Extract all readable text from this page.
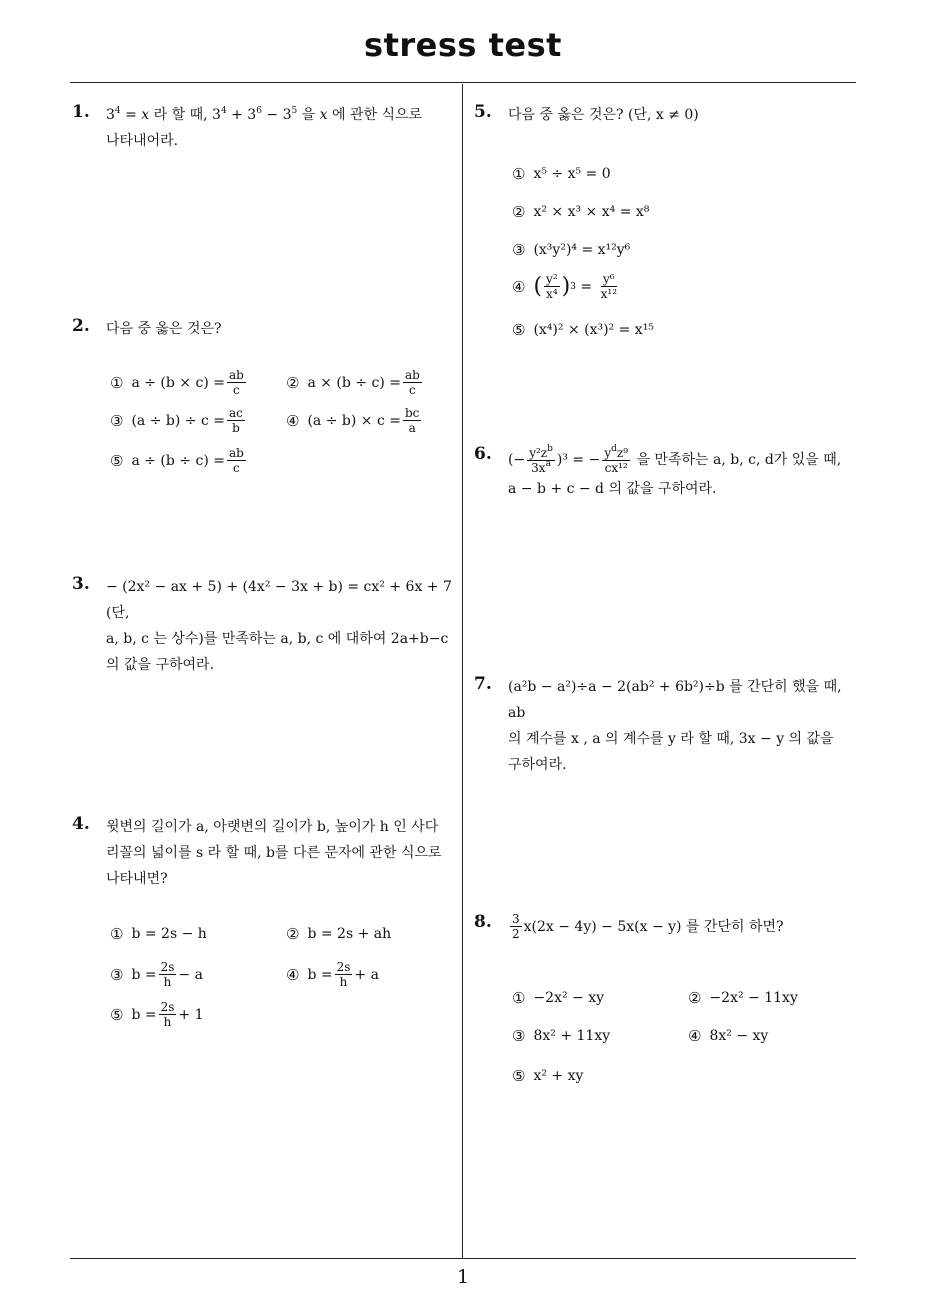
stress test
1
1. $3^4 = x$ 라 할 때, $3^4 + 3^6 - 3^5$ 을 x 에 관한 식으로
나타내어라.
2. 다음 중 옳은 것은?
① $a \div (b \times c) = \frac{ab}{c}$	② $a \times (b \div c) = \frac{ab}{c}$
③ $(a \div b) \div c = \frac{ac}{b}$	④ $(a \div b) \times c = \frac{bc}{a}$
⑤ $a \div (b \div c) = \frac{ab}{c}$
3. − (2x² − ax + 5) + (4x² − 3x + b) = cx² + 6x + 7 (단,
a, b, c 는 상수)를 만족하는 a, b, c 에 대하여 2a+b−c
의 값을 구하여라.
4. 윗변의 길이가 a, 아랫변의 길이가 b, 높이가 h 인 사다
리꼴의 넓이를 s 라 할 때, b를 다른 문자에 관한 식으로
나타내면?
① b = 2s − h	② b = 2s + ah
③ $b = \frac{2s}{h} - a$	④ $b = \frac{2s}{h} + a$
⑤ $b = \frac{2s}{h} + 1$
5. 다음 중 옳은 것은? (단, x ≠ 0)
① x⁵ ÷ x⁵ = 0
② x² × x³ × x⁴ = x⁸
③ (x³y²)⁴ = x¹²y⁶
④ ( $\frac{\text{y²}}{\text{x⁴}}$ ) 3
=
$\frac{\text{y⁶}}{\text{x¹²}}$
⑤ (x⁴)² × (x³)² = x¹⁵
6. (− $\frac{y^2z^b}{3x^a} )^3$ = − $\frac{y^dz^9}{\text{cx¹²}}$
을 만족하는 a, b, c, d가 있을 때,
a − b + c − d 의 값을 구하여라.
7. (a²b − a²)÷a − 2(ab² + 6b²)÷b 를 간단히 했을 때, ab
의 계수를 x , a 의 계수를 y 라 할 때, 3x − y 의 값을
구하여라.
8. $\frac{3}{2} x(2x - 4y) - 5x(x - y)$ 를 간단히 하면?
① −2x² − xy	② −2x² − 11xy
③ 8x² + 11xy	④ 8x² − xy
⑤ x² + xy
